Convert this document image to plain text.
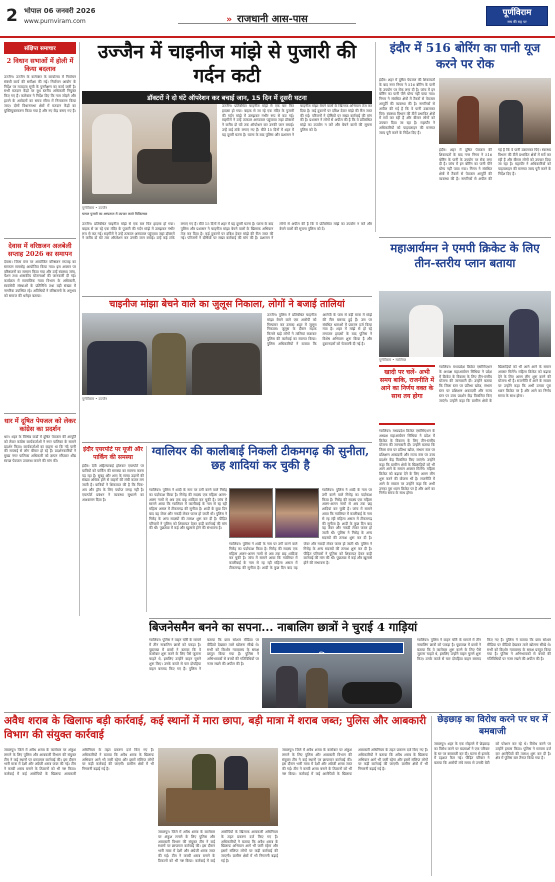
2 भोपाल 06 जनवरी 2026
www.purnviram.com	» राजधानी आस-पास
पूर्णविराम
सच की राह पर
संक्षिप्त समाचार
2 विधान सभाओं में होली में किया बदलाव
उज्जैन। उज्जैन के कलेक्टर के कार्यालय में निर्वाचन संबंधी कार्य की समीक्षा की गई। निर्वाचन आयोग के निर्देश पर मतदाता सूची के पुनरीक्षण का कार्य जारी है। सभी मतदान केंद्रों पर बूथ स्तरीय अधिकारी नियुक्त किए गए हैं। कलेक्टर ने निर्देश दिए कि नाम जोड़ने और हटाने के आवेदनों का समय सीमा में निराकरण किया जाए। दोनों विधानसभा क्षेत्रों में मतदान केंद्रों का युक्तियुक्तकरण किया गया है और नए केंद्र बनाए गए हैं।
देवास में वरिष्ठजन अलबेली सप्ताह 2026 का समापन
देवास। जिला स्तर पर आयोजित वरिष्ठजन सप्ताह का समापन समारोह आयोजित किया गया। इस अवसर पर वरिष्ठजनों का सम्मान किया गया और उन्हें स्वास्थ्य जांच, पेंशन तथा शासकीय योजनाओं की जानकारी दी गई। कार्यक्रम में सामाजिक न्याय विभाग के अधिकारी, स्वयंसेवी संस्थाओं के प्रतिनिधि तथा बड़ी संख्या में नागरिक उपस्थित रहे। अतिथियों ने वरिष्ठजनों के अनुभव को समाज की धरोहर बताया।
धार में दूषित पेयजल को लेकर कांग्रेस का प्रदर्शन
धार। शहर के विभिन्न वार्डों में दूषित पेयजल की आपूर्ति को लेकर कांग्रेस कार्यकर्ताओं ने नगर पालिका के सामने प्रदर्शन किया। कार्यकर्ताओं का कहना था कि गंदे पानी की सप्लाई से लोग बीमार हो रहे हैं। प्रदर्शनकारियों ने मुख्य नगर पालिका अधिकारी को ज्ञापन सौंपकर शीघ्र स्वच्छ पेयजल उपलब्ध कराने की मांग की।
उज्जैन में चाइनीज मांझे से पुजारी की गर्दन कटी
डॉक्टरों ने दो घंटे ऑपरेशन कर बचाई जान, 15 दिन में दूसरी घटना
पूर्णविराम • उज्जैन
घायल पुजारी का अस्पताल में उपचार करते चिकित्सक
उज्जैन। प्रतिबंधित चाइनीज मांझे से एक बार फिर हादसा हो गया। बाइक से जा रहे एक मंदिर के पुजारी की गर्दन मांझे में उलझकर गंभीर रूप से कट गई। राहगीरों ने उन्हें तत्काल अस्पताल पहुंचाया जहां डॉक्टरों ने करीब दो घंटे तक ऑपरेशन कर उनकी जान बचाई। उन्हें कई टांके लगाए गए हैं। बीते 15 दिनों में शहर में यह दूसरी घटना है। घटना के बाद पुलिस और प्रशासन ने चाइनीज मांझा बेचने वालों के खिलाफ अभियान तेज कर दिया है। कई दुकानों पर दबिश देकर मांझे की रील जब्त की गई। परिजनों ने दोषियों पर सख्त कार्रवाई की मांग की है। प्रशासन ने लोगों से अपील की है कि वे प्रतिबंधित मांझे का उपयोग न करें और बेचने वालों की सूचना पुलिस को दें।
उज्जैन। प्रतिबंधित चाइनीज मांझे से एक बार फिर हादसा हो गया। बाइक से जा रहे एक मंदिर के पुजारी की गर्दन मांझे में उलझकर गंभीर रूप से कट गई। राहगीरों ने उन्हें तत्काल अस्पताल पहुंचाया जहां डॉक्टरों ने करीब दो घंटे तक ऑपरेशन कर उनकी जान बचाई। उन्हें कई टांके लगाए गए हैं। बीते 15 दिनों में शहर में यह दूसरी घटना है। घटना के बाद पुलिस और प्रशासन ने चाइनीज मांझा बेचने वालों के खिलाफ अभियान तेज कर दिया है। कई दुकानों पर दबिश देकर मांझे की रील जब्त की गई। परिजनों ने दोषियों पर सख्त कार्रवाई की मांग की है। प्रशासन ने लोगों से अपील की है कि वे प्रतिबंधित मांझे का उपयोग न करें और बेचने वालों की सूचना पुलिस को दें।
चाइनीज मांझा बेचने वाले का जुलूस निकाला, लोगों ने बजाई तालियां
पूर्णविराम • उज्जैन
उज्जैन। पुलिस ने प्रतिबंधित चाइनीज मांझा बेचने वाले एक आरोपी को गिरफ्तार कर उसका शहर में जुलूस निकाला। जुलूस के दौरान सड़क किनारे खड़े लोगों ने तालियां बजाकर पुलिस की कार्रवाई का स्वागत किया। पुलिस अधिकारियों ने बताया कि आरोपी के पास से बड़ी मात्रा में मांझे की रील बरामद हुई हैं। उस पर संबंधित धाराओं में प्रकरण दर्ज किया गया है। शहर में मांझे से हो रहे लगातार हादसों के बाद पुलिस ने विशेष अभियान शुरू किया है और दुकानदारों को चेतावनी दी गई है।
इंदौर एयरपोर्ट पर यूजी और पार्किंग की समस्या
इंदौर। देवी अहिल्याबाई होलकर एयरपोर्ट पर यात्रियों को पार्किंग की समस्या का सामना करना पड़ रहा है। सुबह और शाम के समय उड़ानों की संख्या अधिक होने से वाहनों की लंबी कतार लग जाती है। यात्रियों ने शिकायत की है कि पिक-अप और ड्रॉप के लिए पर्याप्त जगह नहीं है। एयरपोर्ट प्रबंधन ने व्यवस्था सुधारने का आश्वासन दिया है।
ग्वालियर की कालीबाई निकली टीकमगढ़ की सुनीता, छह शादियां कर चुकी है
ग्वालियर। पुलिस ने शादी के नाम पर ठगी करने वाले गिरोह का पर्दाफाश किया है। गिरोह की सदस्य एक महिला अलग-अलग नामों से अब तक छह शादियां कर चुकी है। जांच में सामने आया कि ग्वालियर में कालीबाई के नाम से रह रही महिला असल में टीकमगढ़ की सुनीता है। शादी के कुछ दिन बाद वह जेवर और नकदी लेकर फरार हो जाती थी। पुलिस ने गिरोह के अन्य सदस्यों की तलाश शुरू कर दी है। पीड़ित परिवारों ने पुलिस को शिकायत देकर कड़ी कार्रवाई की मांग की थी। पूछताछ में कई और खुलासे होने की संभावना है।
ग्वालियर। पुलिस ने शादी के नाम पर ठगी करने वाले गिरोह का पर्दाफाश किया है। गिरोह की सदस्य एक महिला अलग-अलग नामों से अब तक छह शादियां कर चुकी है। जांच में सामने आया कि ग्वालियर में कालीबाई के नाम से रह रही महिला असल में टीकमगढ़ की सुनीता है। शादी के कुछ दिन बाद वह जेवर और नकदी लेकर फरार हो जाती थी। पुलिस ने गिरोह के अन्य सदस्यों की तलाश शुरू कर दी है। पीड़ित परिवारों ने पुलिस को शिकायत देकर कड़ी कार्रवाई की मांग की थी। पूछताछ में कई और खुलासे होने की संभावना है।
ग्वालियर। पुलिस ने शादी के नाम पर ठगी करने वाले गिरोह का पर्दाफाश किया है। गिरोह की सदस्य एक महिला अलग-अलग नामों से अब तक छह शादियां कर चुकी है। जांच में सामने आया कि ग्वालियर में कालीबाई के नाम से रह रही महिला असल में टीकमगढ़ की सुनीता है। शादी के कुछ दिन बाद वह जेवर और नकदी लेकर फरार हो जाती थी। पुलिस ने गिरोह के अन्य सदस्यों की तलाश शुरू कर दी है।
इंदौर में 516 बोरिंग का पानी यूज करने पर रोक
इंदौर। शहर में दूषित पेयजल की शिकायतों के बाद नगर निगम ने 516 बोरिंग के पानी के उपयोग पर रोक लगा दी है। जांच में इन बोरिंग का पानी पीने योग्य नहीं पाया गया। निगम ने संबंधित क्षेत्रों में टैंकरों से पेयजल आपूर्ति की व्यवस्था की है। नागरिकों से अपील की गई है कि वे पानी उबालकर पिएं। स्वास्थ्य विभाग की टीमें प्रभावित क्षेत्रों में सर्वे कर रही हैं और बीमार लोगों को उपचार दिया जा रहा है। महापौर ने अधिकारियों को पाइपलाइन की मरम्मत जल्द पूरी करने के निर्देश दिए हैं।
इंदौर। शहर में दूषित पेयजल की शिकायतों के बाद नगर निगम ने 516 बोरिंग के पानी के उपयोग पर रोक लगा दी है। जांच में इन बोरिंग का पानी पीने योग्य नहीं पाया गया। निगम ने संबंधित क्षेत्रों में टैंकरों से पेयजल आपूर्ति की व्यवस्था की है। नागरिकों से अपील की गई है कि वे पानी उबालकर पिएं। स्वास्थ्य विभाग की टीमें प्रभावित क्षेत्रों में सर्वे कर रही हैं और बीमार लोगों को उपचार दिया जा रहा है। महापौर ने अधिकारियों को पाइपलाइन की मरम्मत जल्द पूरी करने के निर्देश दिए हैं।
महाआर्यमन ने एमपी क्रिकेट के लिए तीन-स्तरीय प्लान बताया
पूर्णविराम • ग्वालियर
खादी पर चलें- अभी समय बाकि, राजनीति में आने का निर्णय वक्त के साथ तय होगा
ग्वालियर। मध्यप्रदेश क्रिकेट एसोसिएशन के अध्यक्ष महाआर्यमन सिंधिया ने प्रदेश में क्रिकेट के विकास के लिए तीन-स्तरीय योजना की जानकारी दी। उन्होंने बताया कि जिला स्तर पर प्रतिभा खोज, संभाग स्तर पर प्रशिक्षण अकादमी और राज्य स्तर पर उच्च प्रदर्शन केंद्र विकसित किए जाएंगे। उन्होंने कहा कि ग्रामीण क्षेत्रों के खिलाड़ियों को भी आगे आने के समान अवसर मिलेंगे। महिला क्रिकेट को बढ़ावा देने के लिए अलग लीग शुरू करने की योजना भी है। राजनीति में आने के सवाल पर उन्होंने कहा कि अभी उनका पूरा ध्यान क्रिकेट पर है और आगे का निर्णय समय के साथ होगा।
ग्वालियर। मध्यप्रदेश क्रिकेट एसोसिएशन के अध्यक्ष महाआर्यमन सिंधिया ने प्रदेश में क्रिकेट के विकास के लिए तीन-स्तरीय योजना की जानकारी दी। उन्होंने बताया कि जिला स्तर पर प्रतिभा खोज, संभाग स्तर पर प्रशिक्षण अकादमी और राज्य स्तर पर उच्च प्रदर्शन केंद्र विकसित किए जाएंगे। उन्होंने कहा कि ग्रामीण क्षेत्रों के खिलाड़ियों को भी आगे आने के समान अवसर मिलेंगे। महिला क्रिकेट को बढ़ावा देने के लिए अलग लीग शुरू करने की योजना भी है। राजनीति में आने के सवाल पर उन्होंने कहा कि अभी उनका पूरा ध्यान क्रिकेट पर है और आगे का निर्णय समय के साथ होगा।
बिजनेसमैन बनने का सपना... नाबालिग छात्रों ने चुराई 4 गाड़ियां
ग्वालियर। पुलिस ने वाहन चोरी के मामले में तीन नाबालिग छात्रों को पकड़ा है। पूछताछ में छात्रों ने बताया कि वे कारोबार शुरू करने के लिए पैसे जुटाना चाहते थे, इसलिए उन्होंने वाहन चुराने शुरू किए। उनके कब्जे से चार दोपहिया वाहन बरामद किए गए हैं। पुलिस ने बताया कि छात्र सोशल मीडिया पर वीडियो देखकर ताले खोलना सीखे थे। सभी को किशोर न्यायालय के समक्ष प्रस्तुत किया गया है। पुलिस ने अभिभावकों से बच्चों की गतिविधियों पर नजर रखने की अपील की है।
ग्वालियर। पुलिस ने वाहन चोरी के मामले में तीन नाबालिग छात्रों को पकड़ा है। पूछताछ में छात्रों ने बताया कि वे कारोबार शुरू करने के लिए पैसे जुटाना चाहते थे, इसलिए उन्होंने वाहन चुराने शुरू किए। उनके कब्जे से चार दोपहिया वाहन बरामद किए गए हैं। पुलिस ने बताया कि छात्र सोशल मीडिया पर वीडियो देखकर ताले खोलना सीखे थे। सभी को किशोर न्यायालय के समक्ष प्रस्तुत किया गया है। पुलिस ने अभिभावकों से बच्चों की गतिविधियों पर नजर रखने की अपील की है।
अवैध शराब के खिलाफ बड़ी कार्रवाई, कई स्थानों में मारा छापा, बड़ी मात्रा में शराब जब्त; पुलिस और आबकारी विभाग की संयुक्त कार्रवाई
जबलपुर। जिले में अवैध शराब के कारोबार पर अंकुश लगाने के लिए पुलिस और आबकारी विभाग की संयुक्त टीम ने कई स्थानों पर छापामार कार्रवाई की। इस दौरान भारी मात्रा में देशी और अंग्रेजी शराब जब्त की गई। टीम ने कच्ची शराब बनाने के ठिकानों को भी नष्ट किया। कार्रवाई में कई आरोपियों के खिलाफ आबकारी अधिनियम के तहत प्रकरण दर्ज किए गए हैं। अधिकारियों ने बताया कि अवैध शराब के खिलाफ अभियान आगे भी जारी रहेगा और इसमें संलिप्त लोगों पर कड़ी कार्रवाई की जाएगी। ग्रामीण क्षेत्रों में भी निगरानी बढ़ाई गई है।
जबलपुर। जिले में अवैध शराब के कारोबार पर अंकुश लगाने के लिए पुलिस और आबकारी विभाग की संयुक्त टीम ने कई स्थानों पर छापामार कार्रवाई की। इस दौरान भारी मात्रा में देशी और अंग्रेजी शराब जब्त की गई। टीम ने कच्ची शराब बनाने के ठिकानों को भी नष्ट किया। कार्रवाई में कई आरोपियों के खिलाफ आबकारी अधिनियम के तहत प्रकरण दर्ज किए गए हैं। अधिकारियों ने बताया कि अवैध शराब के खिलाफ अभियान आगे भी जारी रहेगा और इसमें संलिप्त लोगों पर कड़ी कार्रवाई की जाएगी। ग्रामीण क्षेत्रों में भी निगरानी बढ़ाई गई है।
जबलपुर। जिले में अवैध शराब के कारोबार पर अंकुश लगाने के लिए पुलिस और आबकारी विभाग की संयुक्त टीम ने कई स्थानों पर छापामार कार्रवाई की। इस दौरान भारी मात्रा में देशी और अंग्रेजी शराब जब्त की गई। टीम ने कच्ची शराब बनाने के ठिकानों को भी नष्ट किया। कार्रवाई में कई आरोपियों के खिलाफ आबकारी अधिनियम के तहत प्रकरण दर्ज किए गए हैं। अधिकारियों ने बताया कि अवैध शराब के खिलाफ अभियान आगे भी जारी रहेगा और इसमें संलिप्त लोगों पर कड़ी कार्रवाई की जाएगी। ग्रामीण क्षेत्रों में भी निगरानी बढ़ाई गई है।
छेड़छाड़ का विरोध करने पर घर में बमबाजी
जबलपुर। शहर के एक मोहल्ले में छेड़छाड़ का विरोध करने पर बदमाशों ने एक परिवार के घर पर बमबाजी कर दी। घटना से इलाके में दहशत फैल गई। पीड़ित परिवार ने बताया कि आरोपी लंबे समय से उनकी बेटी को परेशान कर रहे थे। विरोध करने पर उन्होंने हमला किया। पुलिस ने मामला दर्ज कर आरोपियों की तलाश शुरू कर दी है। क्षेत्र में पुलिस बल तैनात किया गया है।
